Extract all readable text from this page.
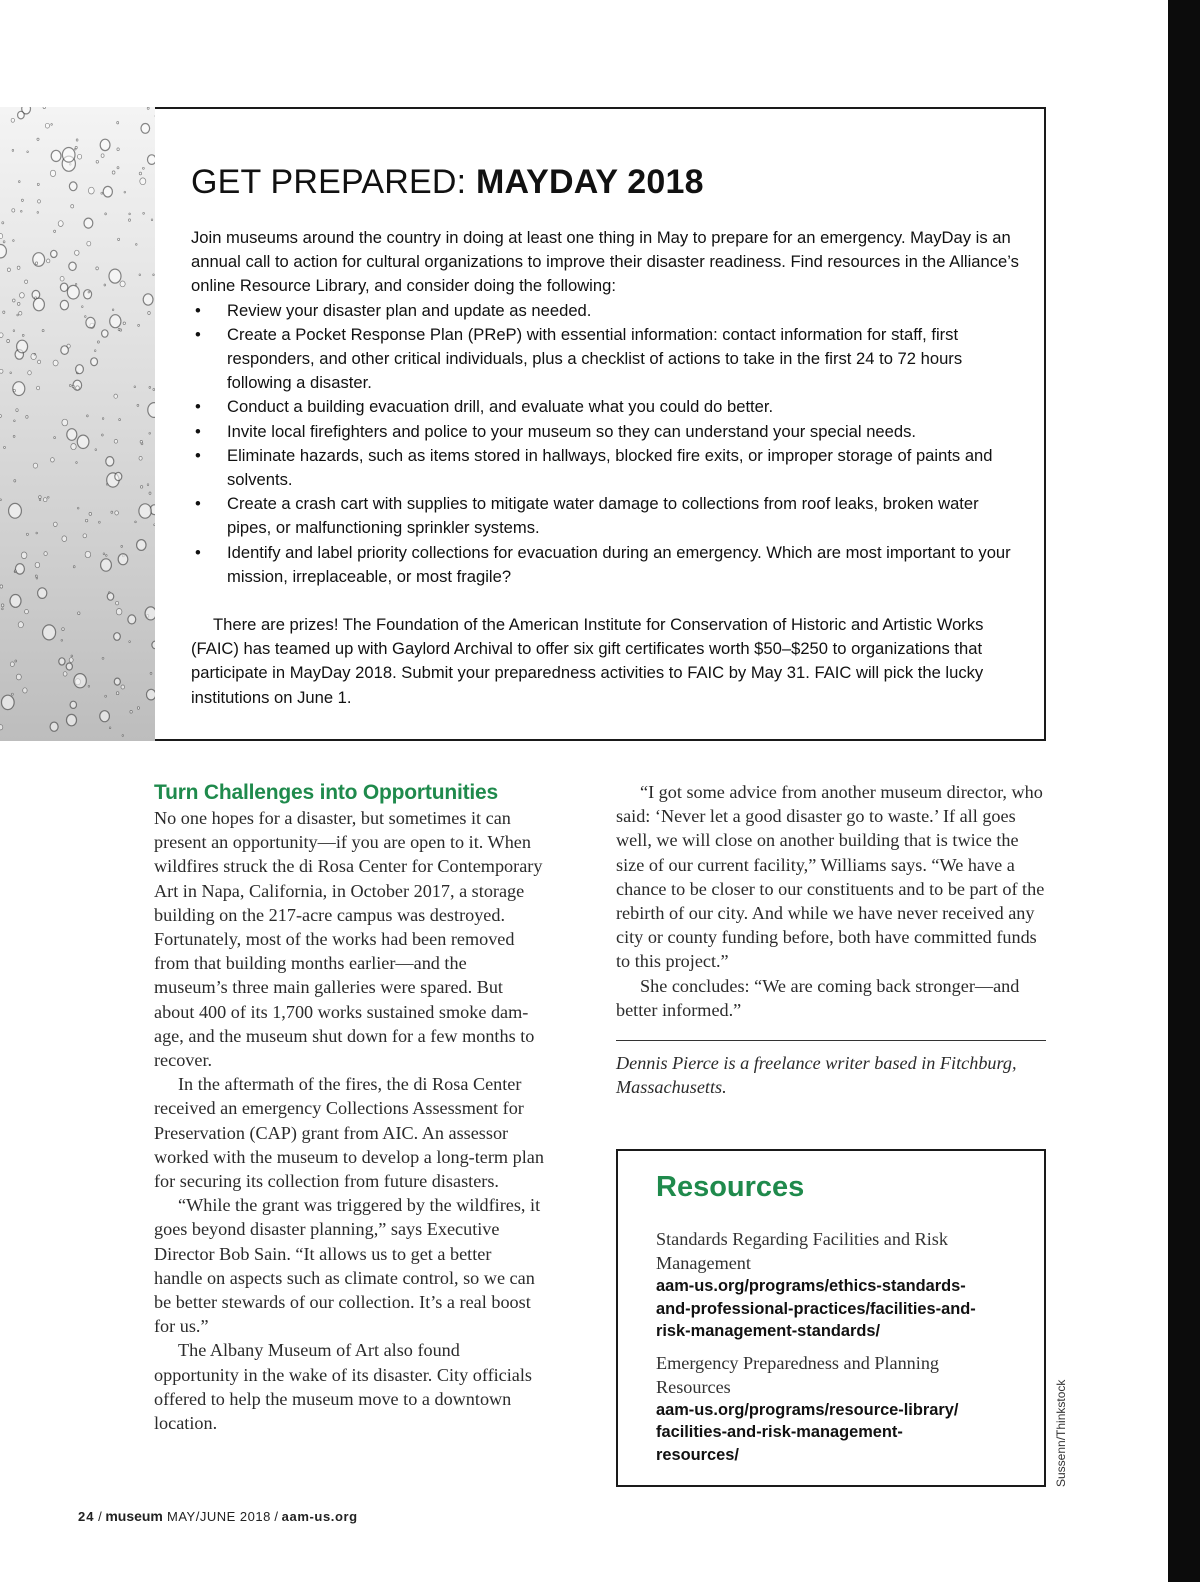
GET PREPARED: MAYDAY 2018

Join museums around the country in doing at least one thing in May to prepare for an emergency. MayDay is an annual call to action for cultural organizations to improve their disaster readiness. Find resources in the Alliance’s online Resource Library, and consider doing the following:

• Review your disaster plan and update as needed.
• Create a Pocket Response Plan (PReP) with essential information: contact information for staff, first responders, and other critical individuals, plus a checklist of actions to take in the first 24 to 72 hours following a disaster.
• Conduct a building evacuation drill, and evaluate what you could do better.
• Invite local firefighters and police to your museum so they can understand your special needs.
• Eliminate hazards, such as items stored in hallways, blocked fire exits, or improper storage of paints and solvents.
• Create a crash cart with supplies to mitigate water damage to collections from roof leaks, broken water pipes, or malfunctioning sprinkler systems.
• Identify and label priority collections for evacuation during an emergency. Which are most important to your mission, irreplaceable, or most fragile?

There are prizes! The Foundation of the American Institute for Conservation of Historic and Artistic Works (FAIC) has teamed up with Gaylord Archival to offer six gift certificates worth $50–$250 to organizations that participate in MayDay 2018. Submit your preparedness activities to FAIC by May 31. FAIC will pick the lucky institutions on June 1.

Turn Challenges into Opportunities

No one hopes for a disaster, but sometimes it can present an opportunity—if you are open to it. When wildfires struck the di Rosa Center for Contemporary Art in Napa, California, in October 2017, a storage building on the 217-acre campus was destroyed. Fortunately, most of the works had been removed from that building months earlier—and the museum’s three main galleries were spared. But about 400 of its 1,700 works sustained smoke damage, and the museum shut down for a few months to recover.

In the aftermath of the fires, the di Rosa Center received an emergency Collections Assessment for Preservation (CAP) grant from AIC. An assessor worked with the museum to develop a long-term plan for securing its collection from future disasters.

“While the grant was triggered by the wildfires, it goes beyond disaster planning,” says Executive Director Bob Sain. “It allows us to get a better handle on aspects such as climate control, so we can be better stewards of our collection. It’s a real boost for us.”

The Albany Museum of Art also found opportunity in the wake of its disaster. City officials offered to help the museum move to a downtown location.

“I got some advice from another museum director, who said: ‘Never let a good disaster go to waste.’ If all goes well, we will close on another building that is twice the size of our current facility,” Williams says. “We have a chance to be closer to our constituents and to be part of the rebirth of our city. And while we have never received any city or county funding before, both have committed funds to this project.”

She concludes: “We are coming back stronger—and better informed.”

Dennis Pierce is a freelance writer based in Fitchburg, Massachusetts.

Resources
Standards Regarding Facilities and Risk Management
aam-us.org/programs/ethics-standards-
and-professional-practices/facilities-and-
risk-management-standards/
Emergency Preparedness and Planning Resources
aam-us.org/programs/resource-library/
facilities-and-risk-management-
resources/	Sussenn/Thinkstock
24 / museum MAY/JUNE 2018 / aam-us.org
